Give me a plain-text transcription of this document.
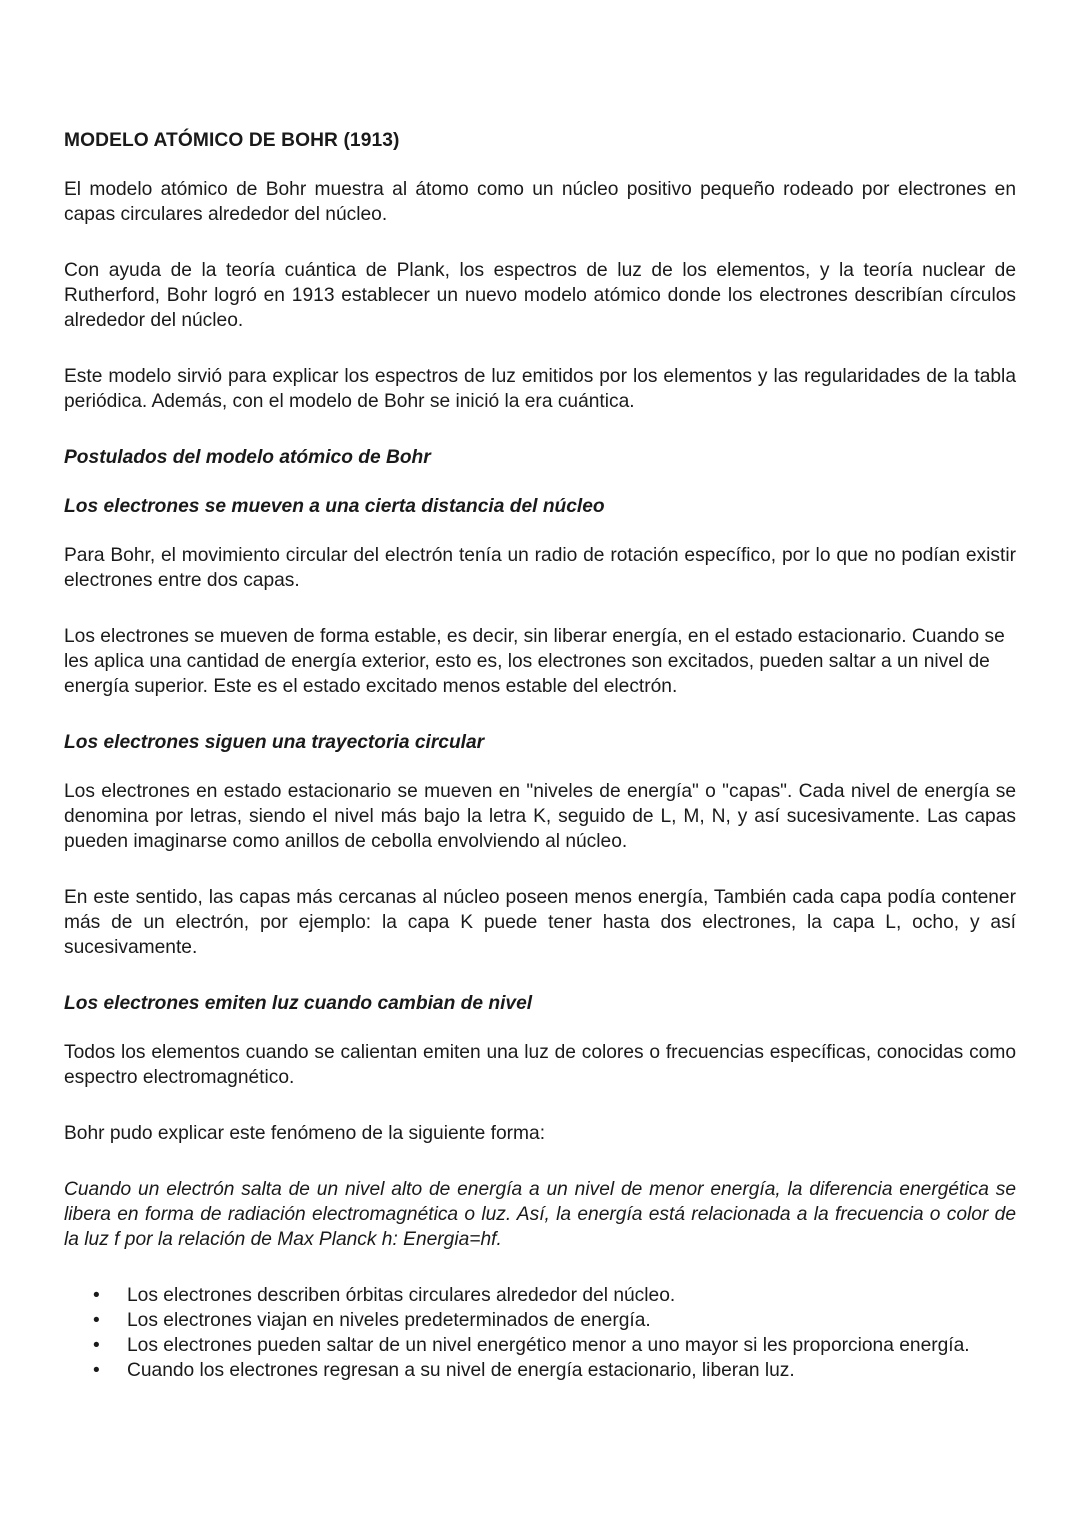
MODELO ATÓMICO DE BOHR (1913)

El modelo atómico de Bohr muestra al átomo como un núcleo positivo pequeño rodeado por electrones en capas circulares alrededor del núcleo.

Con ayuda de la teoría cuántica de Plank, los espectros de luz de los elementos, y la teoría nuclear de Rutherford, Bohr logró en 1913 establecer un nuevo modelo atómico donde los electrones describían círculos alrededor del núcleo.

Este modelo sirvió para explicar los espectros de luz emitidos por los elementos y las regularidades de la tabla periódica. Además, con el modelo de Bohr se inició la era cuántica.

Postulados del modelo atómico de Bohr
Los electrones se mueven a una cierta distancia del núcleo

Para Bohr, el movimiento circular del electrón tenía un radio de rotación específico, por lo que no podían existir electrones entre dos capas.

Los electrones se mueven de forma estable, es decir, sin liberar energía, en el estado estacionario. Cuando se les aplica una cantidad de energía exterior, esto es, los electrones son excitados, pueden saltar a un nivel de energía superior. Este es el estado excitado menos estable del electrón.

Los electrones siguen una trayectoria circular

Los electrones en estado estacionario se mueven en "niveles de energía" o "capas". Cada nivel de energía se denomina por letras, siendo el nivel más bajo la letra K, seguido de L, M, N, y así sucesivamente. Las capas pueden imaginarse como anillos de cebolla envolviendo al núcleo.

En este sentido, las capas más cercanas al núcleo poseen menos energía, También cada capa podía contener más de un electrón, por ejemplo: la capa K puede tener hasta dos electrones, la capa L, ocho, y así sucesivamente.

Los electrones emiten luz cuando cambian de nivel

Todos los elementos cuando se calientan emiten una luz de colores o frecuencias específicas, conocidas como espectro electromagnético.

Bohr pudo explicar este fenómeno de la siguiente forma:

Cuando un electrón salta de un nivel alto de energía a un nivel de menor energía, la diferencia energética se libera en forma de radiación electromagnética o luz. Así, la energía está relacionada a la frecuencia o color de la luz f por la relación de Max Planck h: Energia=hf.

• Los electrones describen órbitas circulares alrededor del núcleo.
• Los electrones viajan en niveles predeterminados de energía.
• Los electrones pueden saltar de un nivel energético menor a uno mayor si les proporciona energía.
• Cuando los electrones regresan a su nivel de energía estacionario, liberan luz.
